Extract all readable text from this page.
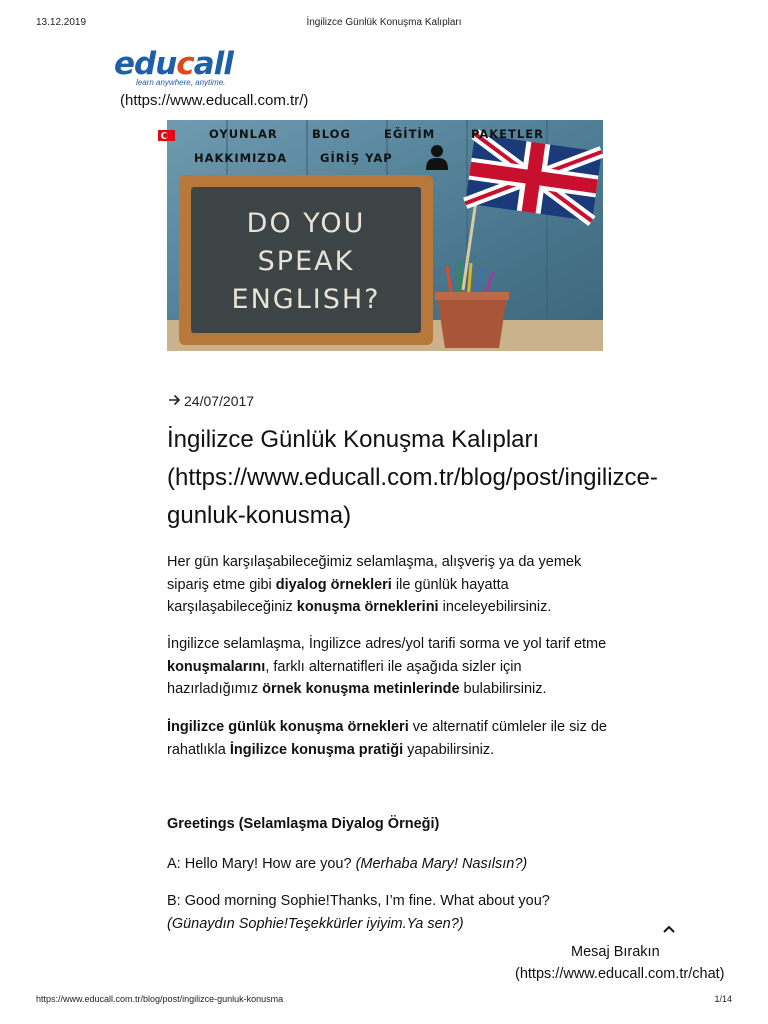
13.12.2019	İngilizce Günlük Konuşma Kalıpları
educall
learn anywhere, anytime.
(https://www.educall.com.tr/)
DO YOU
SPEAK
ENGLISH?
OYUNLAR	BLOG	EĞİTİM	PAKETLER
HAKKIMIZDA	GİRİŞ YAP
24/07/2017
İngilizce Günlük Konuşma Kalıpları
(https://www.educall.com.tr/blog/post/ingilizce-
gunluk-konusma)
Her gün karşılaşabileceğimiz selamlaşma, alışveriş ya da yemek sipariş etme gibi diyalog örnekleri ile günlük hayatta karşılaşabileceğiniz konuşma örneklerini inceleyebilirsiniz.
İngilizce selamlaşma, İngilizce adres/yol tarifi sorma ve yol tarif etme konuşmalarını, farklı alternatifleri ile aşağıda sizler için hazırladığımız örnek konuşma metinlerinde bulabilirsiniz.
İngilizce günlük konuşma örnekleri ve alternatif cümleler ile siz de rahatlıkla İngilizce konuşma pratiği yapabilirsiniz.
Greetings (Selamlaşma Diyalog Örneği)
A: Hello Mary! How are you? (Merhaba Mary! Nasılsın?)
B: Good morning Sophie!Thanks, I’m fine. What about you?
(Günaydın Sophie!Teşekkürler iyiyim.Ya sen?)
Mesaj Bırakın
(https://www.educall.com.tr/chat)
https://www.educall.com.tr/blog/post/ingilizce-gunluk-konusma	1/14
